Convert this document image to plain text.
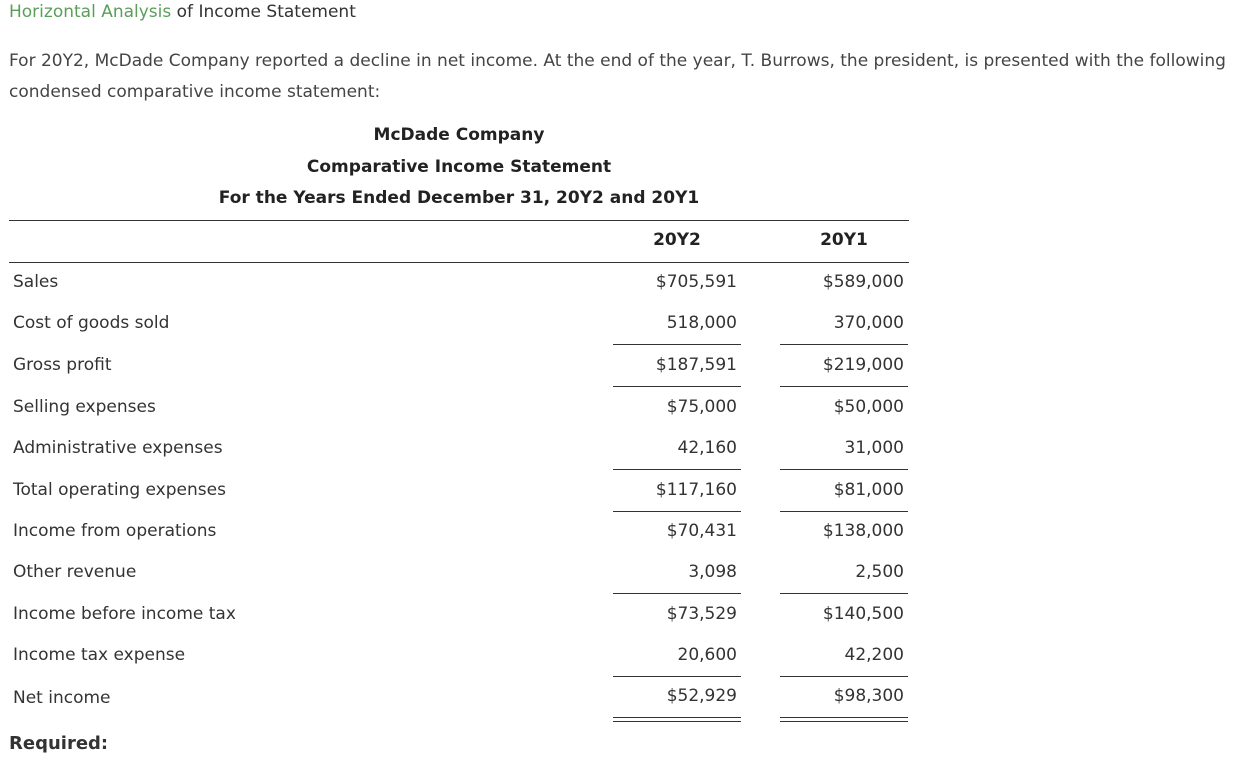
Horizontal Analysis of Income Statement
For 20Y2, McDade Company reported a decline in net income. At the end of the year, T. Burrows, the president, is presented with the following condensed comparative income statement:
McDade Company
Comparative Income Statement
For the Years Ended December 31, 20Y2 and 20Y1
20Y2	20Y1
Sales	$705,591	$589,000
Cost of goods sold	518,000	370,000
Gross profit	$187,591	$219,000
Selling expenses	$75,000	$50,000
Administrative expenses	42,160	31,000
Total operating expenses	$117,160	$81,000
Income from operations	$70,431	$138,000
Other revenue	3,098	2,500
Income before income tax	$73,529	$140,500
Income tax expense	20,600	42,200
Net income	$52,929	$98,300
Required:
